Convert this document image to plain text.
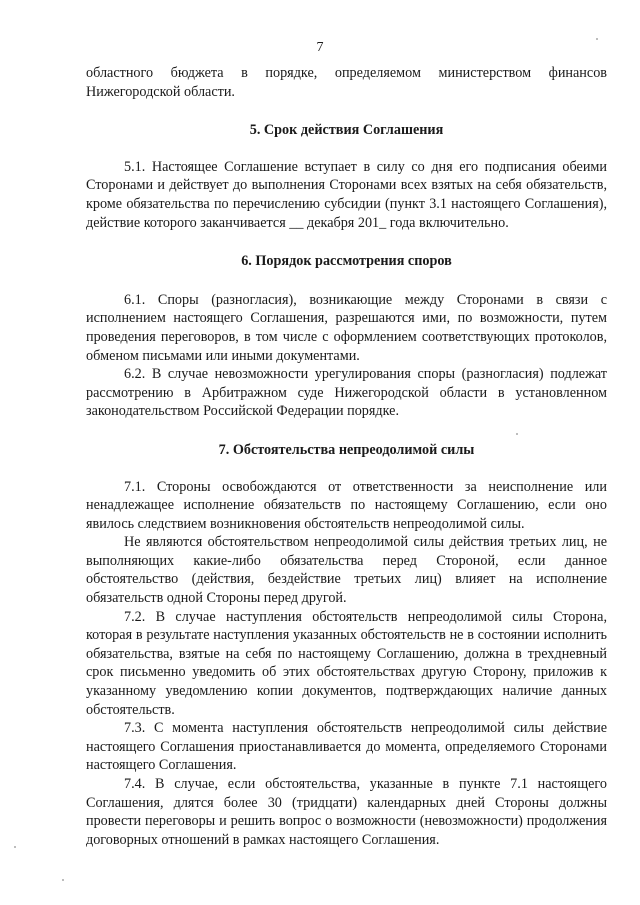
7

областного бюджета в порядке, определяемом министерством финансов Нижегородской области.

5. Срок действия Соглашения

5.1. Настоящее Соглашение вступает в силу со дня его подписания обеими Сторонами и действует до выполнения Сторонами всех взятых на себя обязательств, кроме обязательства по перечислению субсидии (пункт 3.1 настоящего Соглашения), действие которого заканчивается __ декабря 201_ года включительно.

6. Порядок рассмотрения споров

6.1. Споры (разногласия), возникающие между Сторонами в связи с исполнением настоящего Соглашения, разрешаются ими, по возможности, путем проведения переговоров, в том числе с оформлением соответствующих протоколов, обменом письмами или иными документами.

6.2. В случае невозможности урегулирования споры (разногласия) подлежат рассмотрению в Арбитражном суде Нижегородской области в установленном законодательством Российской Федерации порядке.

7. Обстоятельства непреодолимой силы

7.1. Стороны освобождаются от ответственности за неисполнение или ненадлежащее исполнение обязательств по настоящему Соглашению, если оно явилось следствием возникновения обстоятельств непреодолимой силы.

Не являются обстоятельством непреодолимой силы действия третьих лиц, не выполняющих какие-либо обязательства перед Стороной, если данное обстоятельство (действия, бездействие третьих лиц) влияет на исполнение обязательств одной Стороны перед другой.

7.2. В случае наступления обстоятельств непреодолимой силы Сторона, которая в результате наступления указанных обстоятельств не в состоянии исполнить обязательства, взятые на себя по настоящему Соглашению, должна в трехдневный срок письменно уведомить об этих обстоятельствах другую Сторону, приложив к указанному уведомлению копии документов, подтверждающих наличие данных обстоятельств.

7.3. С момента наступления обстоятельств непреодолимой силы действие настоящего Соглашения приостанавливается до момента, определяемого Сторонами настоящего Соглашения.

7.4. В случае, если обстоятельства, указанные в пункте 7.1 настоящего Соглашения, длятся более 30 (тридцати) календарных дней Стороны должны провести переговоры и решить вопрос о возможности (невозможности) продолжения договорных отношений в рамках настоящего Соглашения.
